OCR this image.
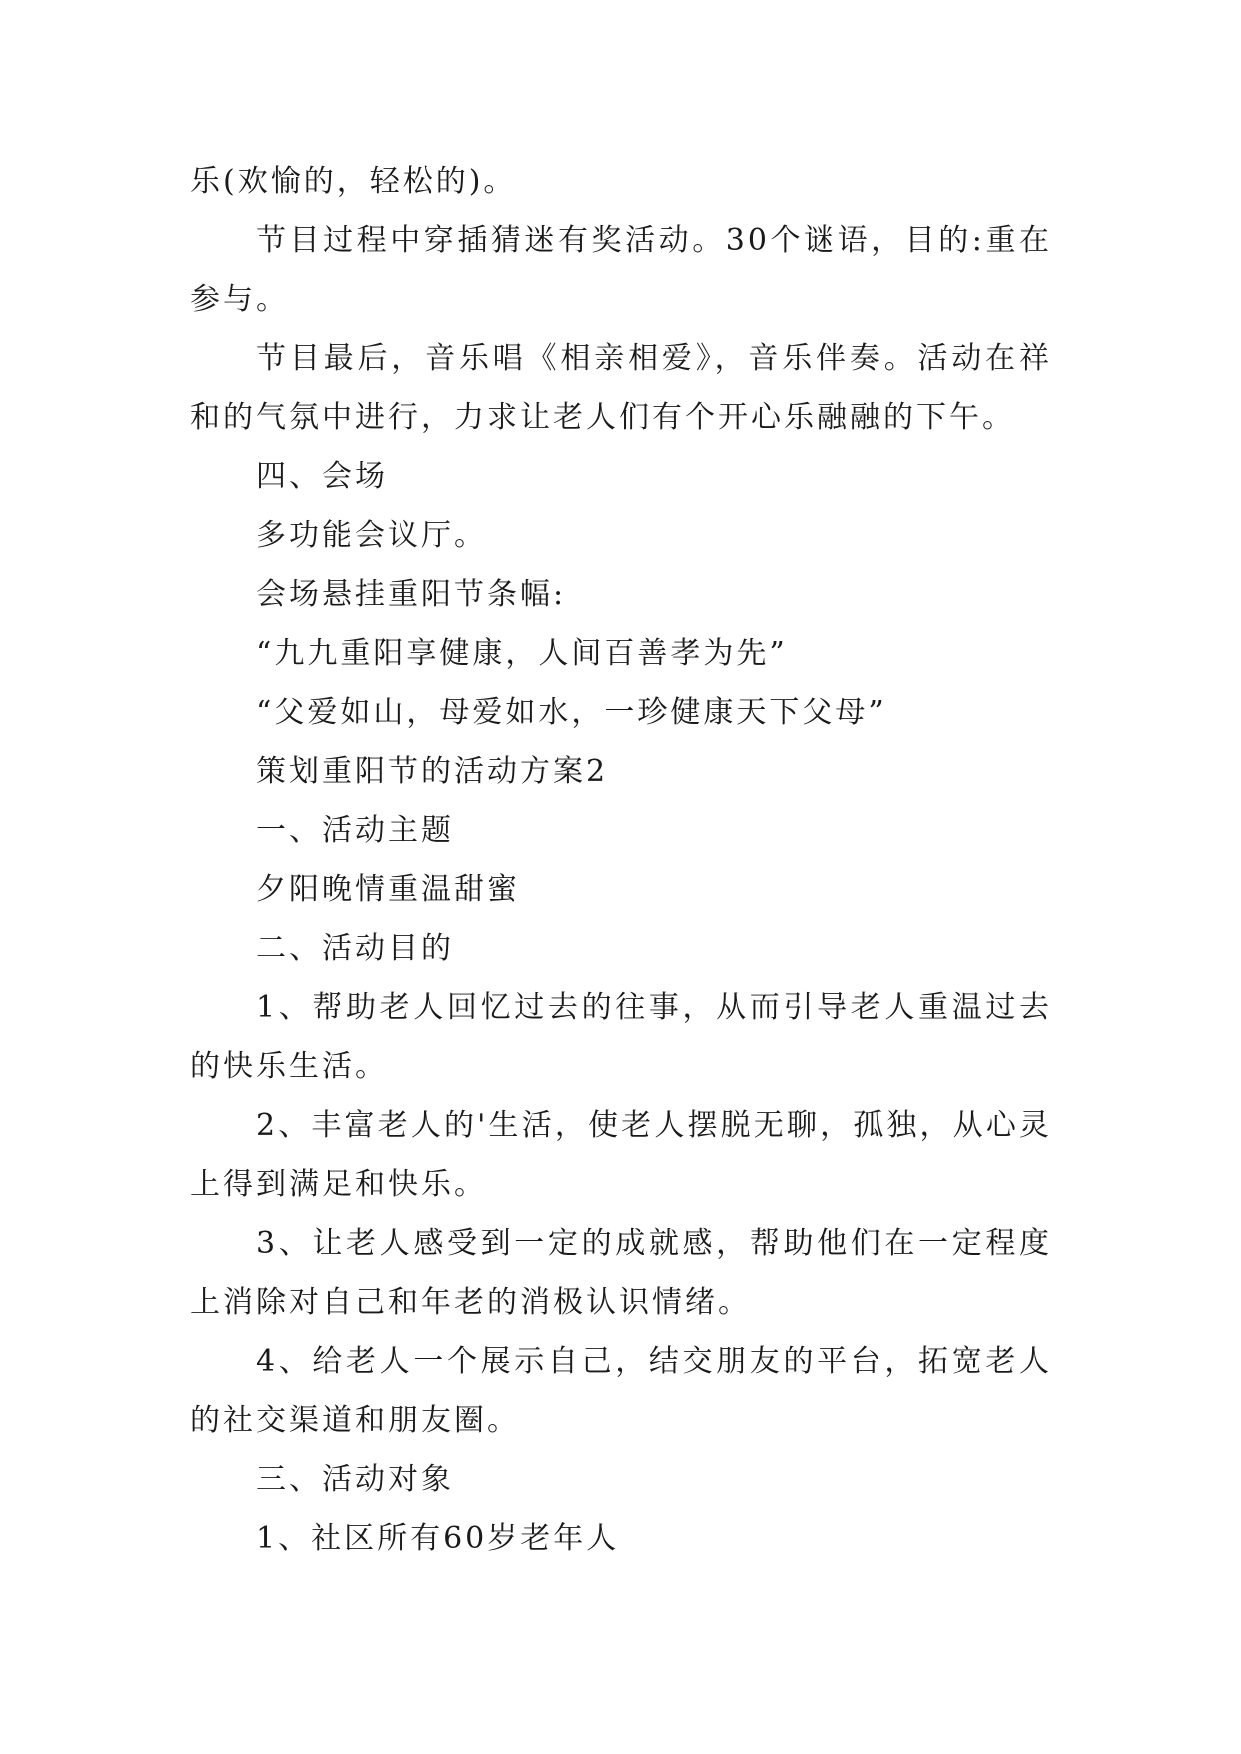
乐(欢愉的，轻松的)。

节目过程中穿插猜迷有奖活动。30个谜语，目的:重在参与。

节目最后，音乐唱《相亲相爱》，音乐伴奏。活动在祥和的气氛中进行，力求让老人们有个开心乐融融的下午。

四、会场

多功能会议厅。

会场悬挂重阳节条幅:

“九九重阳享健康，人间百善孝为先”

“父爱如山，母爱如水，一珍健康天下父母”

策划重阳节的活动方案2

一、活动主题

夕阳晚情重温甜蜜

二、活动目的

1、帮助老人回忆过去的往事，从而引导老人重温过去的快乐生活。

2、丰富老人的'生活，使老人摆脱无聊，孤独，从心灵上得到满足和快乐。

3、让老人感受到一定的成就感，帮助他们在一定程度上消除对自己和年老的消极认识情绪。

4、给老人一个展示自己，结交朋友的平台，拓宽老人的社交渠道和朋友圈。

三、活动对象

1、社区所有60岁老年人
